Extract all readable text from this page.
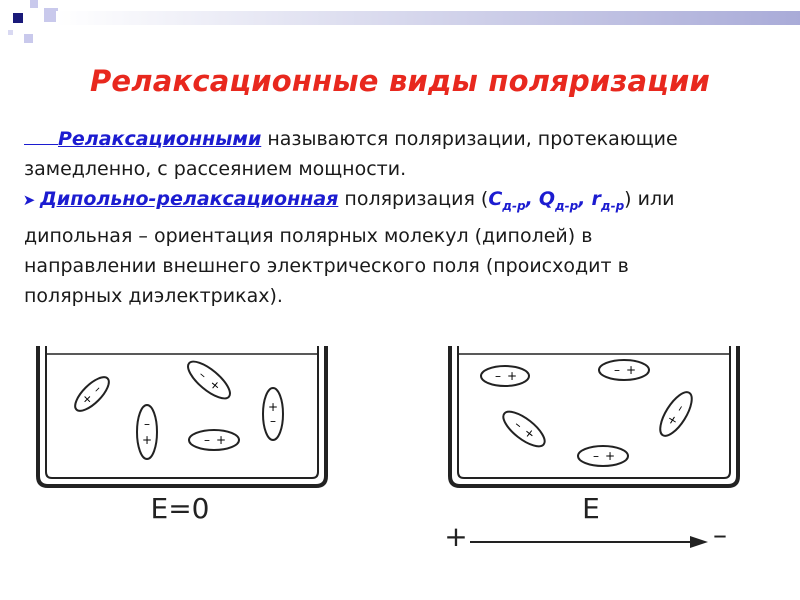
Релаксационные виды поляризации

Релаксационными называются поляризации, протекающие

замедленно, с рассеянием мощности.

➤ Дипольно-релаксационная поляризация ($C_{д-р}$, $Q_{д-р}$, $r_{д-р}$) или

дипольная – ориентация полярных молекул (диполей) в

направлении внешнего электрического поля (происходит в

полярных диэлектриках).

+
–
–
+
–
+	– +
+
–
– +	– +
–
+
+
–
– +
E=0	E
+	–
